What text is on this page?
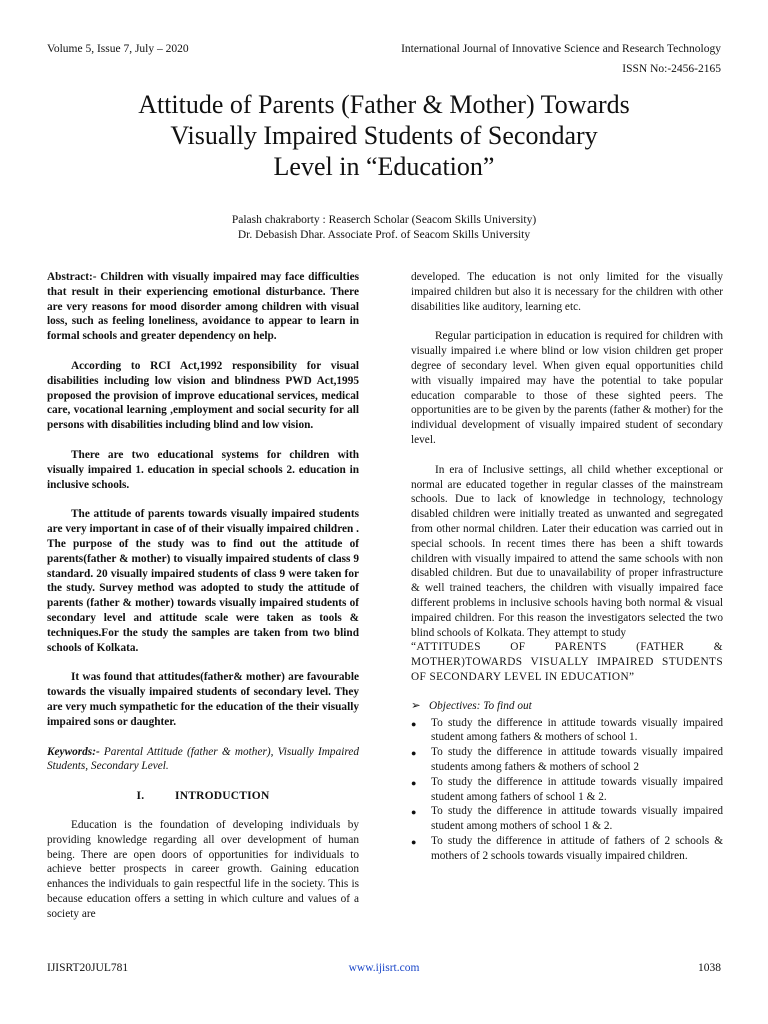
Volume 5, Issue 7, July – 2020	International Journal of Innovative Science and Research Technology
ISSN No:-2456-2165
Attitude of Parents (Father & Mother) Towards
Visually Impaired Students of Secondary
Level in “Education”
Palash chakraborty : Reaserch Scholar (Seacom Skills University)
Dr. Debasish Dhar. Associate Prof. of Seacom Skills University

Abstract:- Children with visually impaired may face difficulties that result in their experiencing emotional disturbance. There are very reasons for mood disorder among children with visual loss, such as feeling loneliness, avoidance to appear to learn in formal schools and greater dependency on help.

According to RCI Act,1992 responsibility for visual disabilities including low vision and blindness PWD Act,1995 proposed the provision of improve educational services, medical care, vocational learning ,employment and social security for all persons with disabilities including blind and low vision.

There are two educational systems for children with visually impaired 1. education in special schools 2. education in inclusive schools.

The attitude of parents towards visually impaired students are very important in case of of their visually impaired children . The purpose of the study was to find out the attitude of parents(father & mother) to visually impaired students of class 9 standard. 20 visually impaired students of class 9 were taken for the study. Survey method was adopted to study the attitude of parents (father & mother) towards visually impaired students of secondary level and attitude scale were taken as tools & techniques.For the study the samples are taken from two blind schools of Kolkata.

It was found that attitudes(father& mother) are favourable towards the visually impaired students of secondary level. They are very much sympathetic for the education of the their visually impaired sons or daughter.

Keywords:- Parental Attitude (father & mother), Visually Impaired Students, Secondary Level.

I.          INTRODUCTION

Education is the foundation of developing individuals by providing knowledge regarding all over development of human being. There are open doors of opportunities for individuals to achieve better prospects in career growth. Gaining education enhances the individuals to gain respectful life in the society. This is because education offers a setting in which culture and values of a society are

developed. The education is not only limited for the visually impaired children but also it is necessary for the children with other disabilities like auditory, learning etc.

Regular participation in education is required for children with visually impaired i.e where blind or low vision children get proper degree of secondary level. When given equal opportunities child with visually impaired may have the potential to take popular education comparable to those of these sighted peers. The opportunities are to be given by the parents (father & mother) for the individual development of visually impaired student of secondary level.

In era of Inclusive settings, all child whether exceptional or normal are educated together in regular classes of the mainstream schools. Due to lack of knowledge in technology, technology disabled children were initially treated as unwanted and segregated from other normal children. Later their education was carried out in special schools. In recent times there has been a shift towards children with visually impaired to attend the same schools with non disabled children. But due to unavailability of proper infrastructure & well trained teachers, the children with visually impaired face different problems in inclusive schools having both normal & visual impaired children. For this reason the investigators selected the two blind schools of Kolkata. They attempt to study

“ATTITUDES OF PARENTS (FATHER & MOTHER)TOWARDS VISUALLY IMPAIRED STUDENTS OF SECONDARY LEVEL IN EDUCATION”
➢ Objectives: To find out
●	To study the difference in attitude towards visually impaired student among fathers & mothers of school 1.
●	To study the difference in attitude towards visually impaired students among fathers & mothers of school 2
●	To study the difference in attitude towards visually impaired student among fathers of school 1 & 2.
●	To study the difference in attitude towards visually impaired student among mothers of school 1 & 2.
●	To study the difference in attitude of fathers of 2 schools & mothers of 2 schools towards visually impaired children.
IJISRT20JUL781	www.ijisrt.com	1038
